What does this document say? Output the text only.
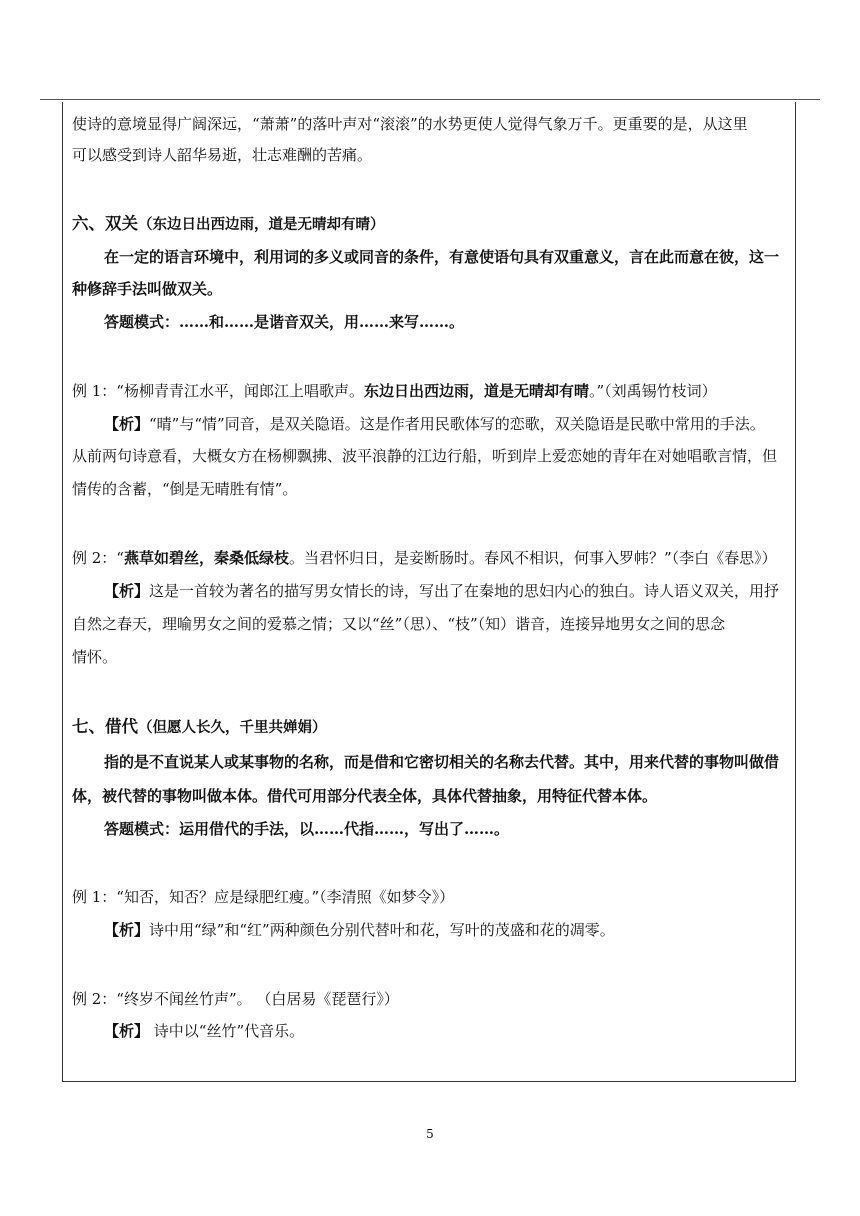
使诗的意境显得广阔深远，“萧萧”的落叶声对“滚滚”的水势更使人觉得气象万千。更重要的是，从这里
可以感受到诗人韶华易逝，壮志难酬的苦痛。
六、双关（东边日出西边雨，道是无晴却有晴）
在一定的语言环境中，利用词的多义或同音的条件，有意使语句具有双重意义，言在此而意在彼，这一
种修辞手法叫做双关。
答题模式：……和……是谐音双关，用……来写……。
例 1：“杨柳青青江水平，闻郎江上唱歌声。东边日出西边雨，道是无晴却有晴。”（刘禹锡竹枝词）
【析】“晴”与“情”同音，是双关隐语。这是作者用民歌体写的恋歌，双关隐语是民歌中常用的手法。
从前两句诗意看，大概女方在杨柳飘拂、波平浪静的江边行船，听到岸上爱恋她的青年在对她唱歌言情，但
情传的含蓄，“倒是无晴胜有情”。
例 2：“燕草如碧丝，秦桑低绿枝。当君怀归日，是妾断肠时。春风不相识，何事入罗帏？”（李白《春思》）
【析】这是一首较为著名的描写男女情长的诗，写出了在秦地的思妇内心的独白。诗人语义双关，用抒
自然之春天，理喻男女之间的爱慕之情；又以“丝”（思）、“枝”（知）谐音，连接异地男女之间的思念
情怀。
七、借代（但愿人长久，千里共婵娟）
指的是不直说某人或某事物的名称，而是借和它密切相关的名称去代替。其中，用来代替的事物叫做借
体，被代替的事物叫做本体。借代可用部分代表全体，具体代替抽象，用特征代替本体。
答题模式：运用借代的手法，以……代指……，写出了……。
例 1：“知否，知否？应是绿肥红瘦。”（李清照《如梦令》）
【析】诗中用“绿”和“红”两种颜色分别代替叶和花，写叶的茂盛和花的凋零。
例 2：“终岁不闻丝竹声”。 （白居易《琵琶行》）
【析】 诗中以“丝竹”代音乐。
5
